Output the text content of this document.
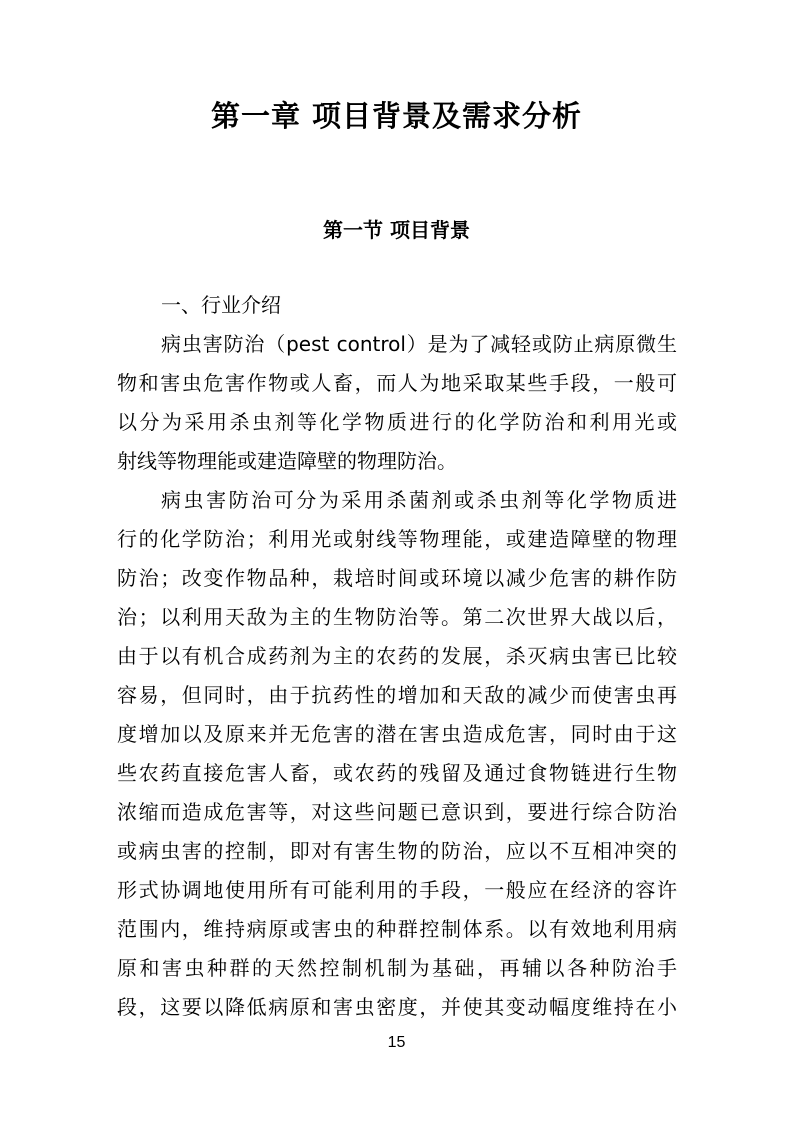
第一章 项目背景及需求分析
第一节 项目背景
一、行业介绍
病虫害防治（pest control）是为了减轻或防止病原微生
物和害虫危害作物或人畜，而人为地采取某些手段，一般可
以分为采用杀虫剂等化学物质进行的化学防治和利用光或
射线等物理能或建造障壁的物理防治。
病虫害防治可分为采用杀菌剂或杀虫剂等化学物质进
行的化学防治；利用光或射线等物理能，或建造障壁的物理
防治；改变作物品种，栽培时间或环境以减少危害的耕作防
治；以利用天敌为主的生物防治等。第二次世界大战以后，
由于以有机合成药剂为主的农药的发展，杀灭病虫害已比较
容易，但同时，由于抗药性的增加和天敌的减少而使害虫再
度增加以及原来并无危害的潜在害虫造成危害，同时由于这
些农药直接危害人畜，或农药的残留及通过食物链进行生物
浓缩而造成危害等，对这些问题已意识到，要进行综合防治
或病虫害的控制，即对有害生物的防治，应以不互相冲突的
形式协调地使用所有可能利用的手段，一般应在经济的容许
范围内，维持病原或害虫的种群控制体系。以有效地利用病
原和害虫种群的天然控制机制为基础，再辅以各种防治手
段，这要以降低病原和害虫密度，并使其变动幅度维持在小
15
